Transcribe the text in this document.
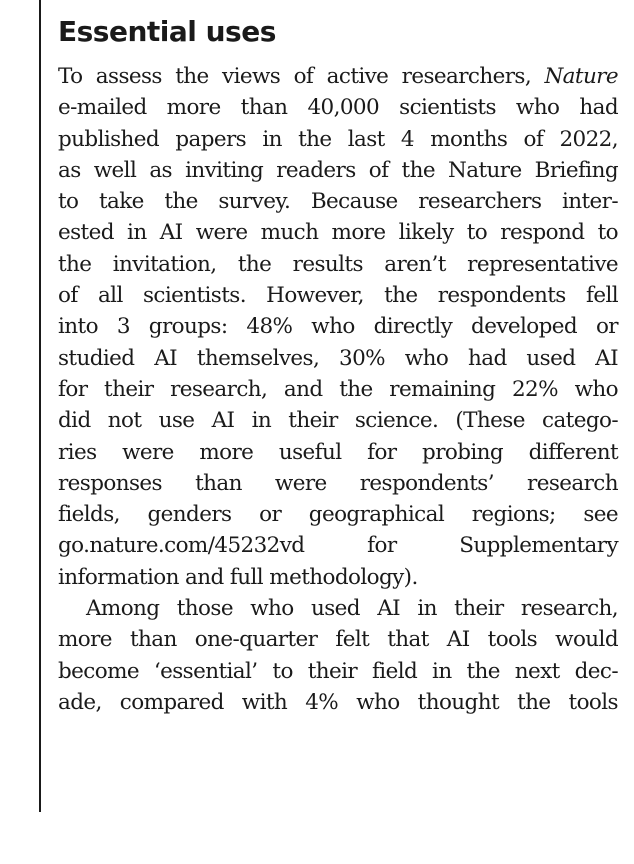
Essential uses

To assess the views of active researchers, Nature
e-mailed more than 40,000 scientists who had
published papers in the last 4 months of 2022,
as well as inviting readers of the Nature Briefing
to take the survey. Because researchers inter-
ested in AI were much more likely to respond to
the invitation, the results aren’t representative
of all scientists. However, the respondents fell
into 3 groups: 48% who directly developed or
studied AI themselves, 30% who had used AI
for their research, and the remaining 22% who
did not use AI in their science. (These catego-
ries were more useful for probing different
responses than were respondents’ research
fields, genders or geographical regions; see
go.nature.com/45232vd for Supplementary
information and full methodology).

Among those who used AI in their research,
more than one-quarter felt that AI tools would
become ‘essential’ to their field in the next dec-
ade, compared with 4% who thought the tools
